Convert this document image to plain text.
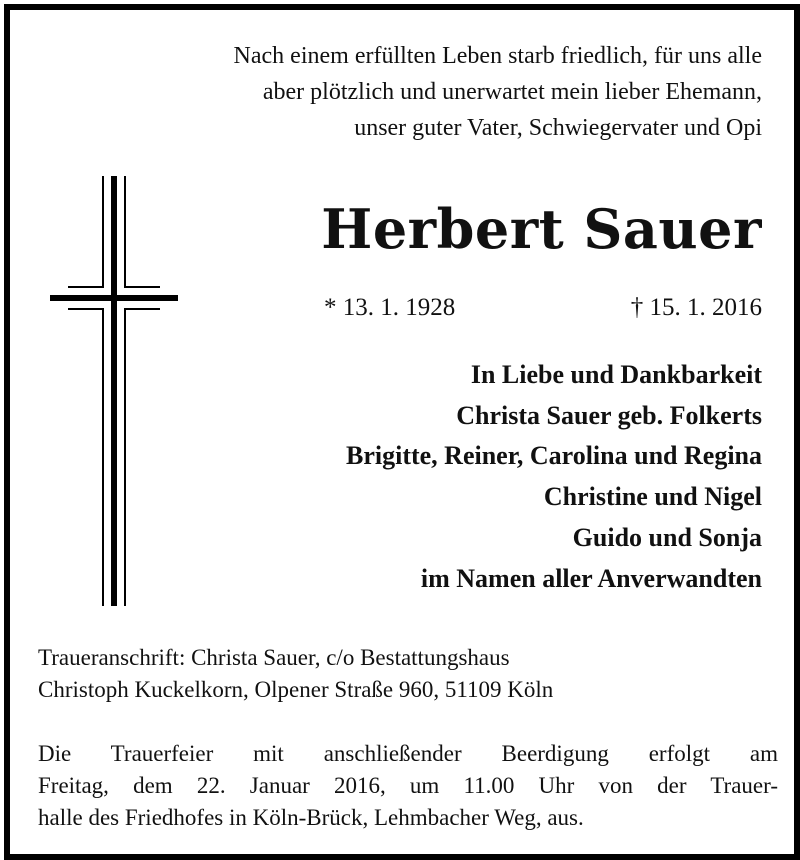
Nach einem erfüllten Leben starb friedlich, für uns alle
aber plötzlich und unerwartet mein lieber Ehemann,
unser guter Vater, Schwiegervater und Opi
Herbert Sauer
* 13. 1. 1928	† 15. 1. 2016
In Liebe und Dankbarkeit
Christa Sauer geb. Folkerts
Brigitte, Reiner, Carolina und Regina
Christine und Nigel
Guido und Sonja
im Namen aller Anverwandten
Traueranschrift: Christa Sauer, c/o Bestattungshaus
Christoph Kuckelkorn, Olpener Straße 960, 51109 Köln
Die Trauerfeier mit anschließender Beerdigung erfolgt am
Freitag, dem 22. Januar 2016, um 11.00 Uhr von der Trauer-
halle des Friedhofes in Köln-Brück, Lehmbacher Weg, aus.
